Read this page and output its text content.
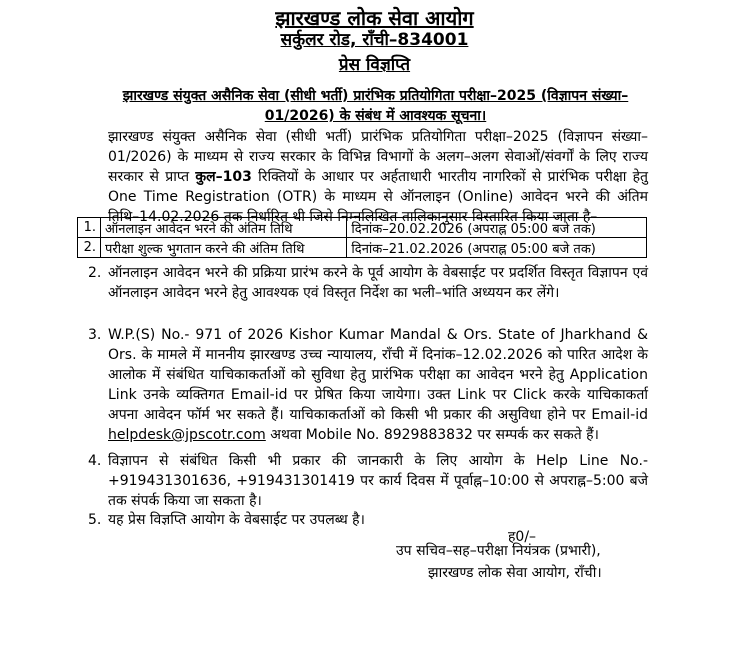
झारखण्ड लोक सेवा आयोग
सर्कुलर रोड, राँची–834001
प्रेस विज्ञप्ति
झारखण्ड संयुक्त असैनिक सेवा (सीधी भर्ती) प्रारंभिक प्रतियोगिता परीक्षा–2025 (विज्ञापन संख्या–01/2026) के संबंध में आवश्यक सूचना।
झारखण्ड संयुक्त असैनिक सेवा (सीधी भर्ती) प्रारंभिक प्रतियोगिता परीक्षा–2025 (विज्ञापन संख्या–01/2026) के माध्यम से राज्य सरकार के विभिन्न विभागों के अलग–अलग सेवाओं/संवर्गों के लिए राज्य सरकार से प्राप्त कुल–103 रिक्तियों के आधार पर अर्हताधारी भारतीय नागरिकों से प्रारंभिक परीक्षा हेतु One Time Registration (OTR) के माध्यम से ऑनलाइन (Online) आवेदन भरने की अंतिम तिथि–14.02.2026 तक निर्धारित थी जिसे निम्नलिखित तालिकानुसार विस्तारित किया जाता है–
1.	ऑनलाइन आवेदन भरने की अंतिम तिथि	दिनांक–20.02.2026 (अपराह्न 05:00 बजे तक)
2.	परीक्षा शुल्क भुगतान करने की अंतिम तिथि	दिनांक–21.02.2026 (अपराह्न 05:00 बजे तक)
2. ऑनलाइन आवेदन भरने की प्रक्रिया प्रारंभ करने के पूर्व आयोग के वेबसाईट पर प्रदर्शित विस्तृत विज्ञापन एवं ऑनलाइन आवेदन भरने हेतु आवश्यक एवं विस्तृत निर्देश का भली–भांति अध्ययन कर लेंगे।
3. W.P.(S) No.- 971 of 2026 Kishor Kumar Mandal & Ors. State of Jharkhand & Ors. के मामले में माननीय झारखण्ड उच्च न्यायालय, राँची में दिनांक–12.02.2026 को पारित आदेश के आलोक में संबंधित याचिकाकर्ताओं को सुविधा हेतु प्रारंभिक परीक्षा का आवेदन भरने हेतु Application Link उनके व्यक्तिगत Email-id पर प्रेषित किया जायेगा। उक्त Link पर Click करके याचिकाकर्ता अपना आवेदन फॉर्म भर सकते हैं। याचिकाकर्ताओं को किसी भी प्रकार की असुविधा होने पर Email-id helpdesk@jpscotr.com अथवा Mobile No. 8929883832 पर सम्पर्क कर सकते हैं।
4. विज्ञापन से संबंधित किसी भी प्रकार की जानकारी के लिए आयोग के Help Line No.- +919431301636, +919431301419 पर कार्य दिवस में पूर्वाह्न–10:00 से अपराह्न–5:00 बजे तक संपर्क किया जा सकता है।
5. यह प्रेस विज्ञप्ति आयोग के वेबसाईट पर उपलब्ध है।
ह0/–
उप सचिव–सह–परीक्षा नियंत्रक (प्रभारी),
झारखण्ड लोक सेवा आयोग, राँची।
